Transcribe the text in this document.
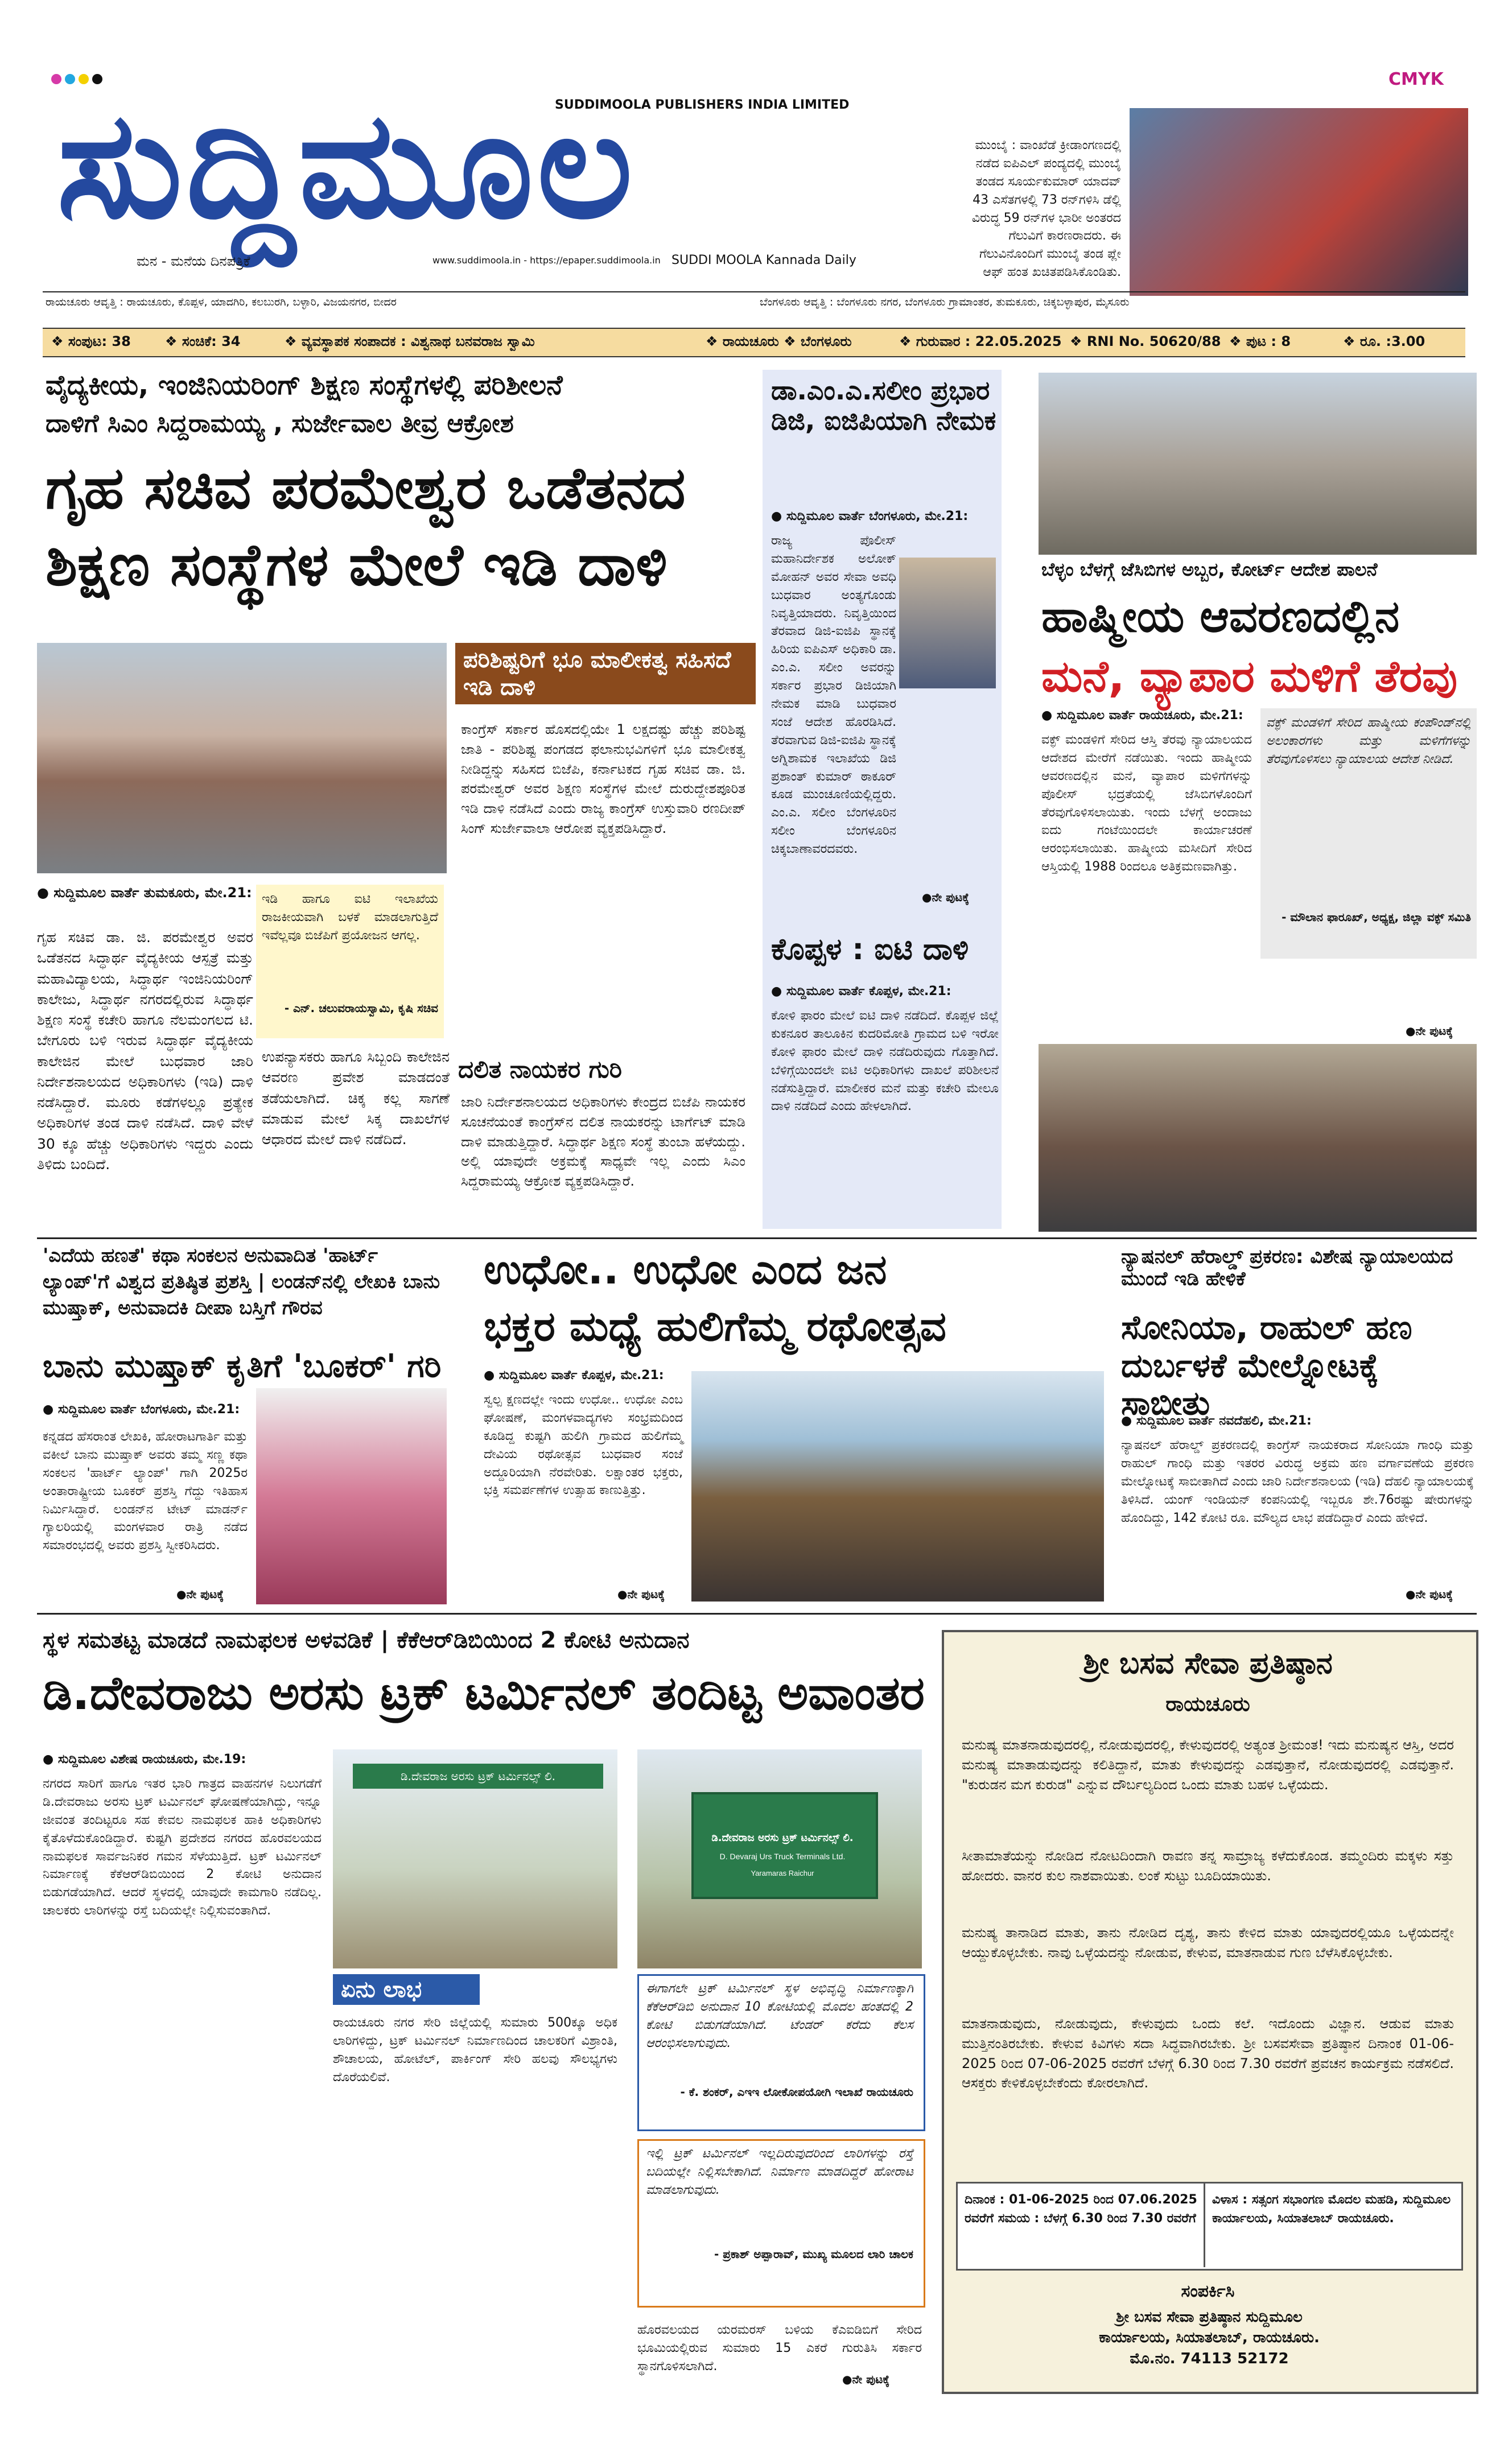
CMYK
ಸುದ್ದಿಮೂಲ
SUDDIMOOLA PUBLISHERS INDIA LIMITED
ಮನ - ಮನೆಯ ದಿನಪತ್ರಿಕೆ	www.suddimoola.in - https://epaper.suddimoola.in SUDDI MOOLA Kannada Daily
ಮುಂಬೈ : ವಾಂಖೆಡೆ ಕ್ರೀಡಾಂಗಣದಲ್ಲಿ ನಡೆದ ಐಪಿಎಲ್ ಪಂದ್ಯದಲ್ಲಿ ಮುಂಬೈ ತಂಡದ ಸೂರ್ಯಕುಮಾರ್ ಯಾದವ್ 43 ಎಸೆತಗಳಲ್ಲಿ 73 ರನ್‌ಗಳಿಸಿ ಡೆಲ್ಲಿ ವಿರುದ್ಧ 59 ರನ್‌ಗಳ ಭಾರೀ ಅಂತರದ ಗೆಲುವಿಗೆ ಕಾರಣರಾದರು. ಈ ಗೆಲುವಿನೊಂದಿಗೆ ಮುಂಬೈ ತಂಡ ಪ್ಲೇ ಆಫ್ ಹಂತ ಖಚಿತಪಡಿಸಿಕೊಂಡಿತು.
ರಾಯಚೂರು ಆವೃತ್ತಿ : ರಾಯಚೂರು, ಕೊಪ್ಪಳ, ಯಾದಗಿರಿ, ಕಲಬುರಗಿ, ಬಳ್ಳಾರಿ, ವಿಜಯನಗರ, ಬೀದರ	ಬೆಂಗಳೂರು ಆವೃತ್ತಿ : ಬೆಂಗಳೂರು ನಗರ, ಬೆಂಗಳೂರು ಗ್ರಾಮಾಂತರ, ತುಮಕೂರು, ಚಿಕ್ಕಬಳ್ಳಾಪುರ, ಮೈಸೂರು
❖ ಸಂಪುಟ: 38	❖ ಸಂಚಿಕೆ: 34	❖ ವ್ಯವಸ್ಥಾಪಕ ಸಂಪಾದಕ : ವಿಶ್ವನಾಥ ಬನವರಾಜ ಸ್ವಾಮಿ	❖ ರಾಯಚೂರು ❖ ಬೆಂಗಳೂರು	❖ ಗುರುವಾರ : 22.05.2025 ❖ RNI No. 50620/88 ❖ ಪುಟ : 8	❖ ರೂ. :3.00
ವೈದ್ಯಕೀಯ, ಇಂಜಿನಿಯರಿಂಗ್ ಶಿಕ್ಷಣ ಸಂಸ್ಥೆಗಳಲ್ಲಿ ಪರಿಶೀಲನೆ
ದಾಳಿಗೆ ಸಿಎಂ ಸಿದ್ದರಾಮಯ್ಯ , ಸುರ್ಜೇವಾಲ ತೀವ್ರ ಆಕ್ರೋಶ
ಗೃಹ ಸಚಿವ ಪರಮೇಶ್ವರ ಒಡೆತನದ
ಶಿಕ್ಷಣ ಸಂಸ್ಥೆಗಳ ಮೇಲೆ ಇಡಿ ದಾಳಿ
ಪರಿಶಿಷ್ಟರಿಗೆ ಭೂ ಮಾಲೀಕತ್ವ ಸಹಿಸದೆ ಇಡಿ ದಾಳಿ
ಕಾಂಗ್ರೆಸ್ ಸರ್ಕಾರ ಹೊಸದಲ್ಲಿಯೇ 1 ಲಕ್ಷದಷ್ಟು ಹೆಚ್ಚು ಪರಿಶಿಷ್ಟ ಜಾತಿ - ಪರಿಶಿಷ್ಟ ಪಂಗಡದ ಫಲಾನುಭವಿಗಳಿಗೆ ಭೂ ಮಾಲೀಕತ್ವ ನೀಡಿದ್ದನ್ನು ಸಹಿಸದ ಬಿಜೆಪಿ, ಕರ್ನಾಟಕದ ಗೃಹ ಸಚಿವ ಡಾ. ಜಿ. ಪರಮೇಶ್ವರ್ ಅವರ ಶಿಕ್ಷಣ ಸಂಸ್ಥೆಗಳ ಮೇಲೆ ದುರುದ್ದೇಶಪೂರಿತ ಇಡಿ ದಾಳಿ ನಡೆಸಿದೆ ಎಂದು ರಾಜ್ಯ ಕಾಂಗ್ರೆಸ್ ಉಸ್ತುವಾರಿ ರಣದೀಪ್ ಸಿಂಗ್ ಸುರ್ಜೇವಾಲಾ ಆರೋಪ ವ್ಯಕ್ತಪಡಿಸಿದ್ದಾರೆ.
● ಸುದ್ದಿಮೂಲ ವಾರ್ತೆ ತುಮಕೂರು, ಮೇ.21:
ಗೃಹ ಸಚಿವ ಡಾ. ಜಿ. ಪರಮೇಶ್ವರ ಅವರ ಒಡೆತನದ ಸಿದ್ಧಾರ್ಥ ವೈದ್ಯಕೀಯ ಆಸ್ಪತ್ರೆ ಮತ್ತು ಮಹಾವಿದ್ಯಾಲಯ, ಸಿದ್ಧಾರ್ಥ ಇಂಜಿನಿಯರಿಂಗ್ ಕಾಲೇಜು, ಸಿದ್ಧಾರ್ಥ ನಗರದಲ್ಲಿರುವ ಸಿದ್ಧಾರ್ಥ ಶಿಕ್ಷಣ ಸಂಸ್ಥೆ ಕಚೇರಿ ಹಾಗೂ ನೆಲಮಂಗಲದ ಟಿ. ಬೇಗೂರು ಬಳಿ ಇರುವ ಸಿದ್ಧಾರ್ಥ ವೈದ್ಯಕೀಯ ಕಾಲೇಜಿನ ಮೇಲೆ ಬುಧವಾರ ಜಾರಿ ನಿರ್ದೇಶನಾಲಯದ ಅಧಿಕಾರಿಗಳು (ಇಡಿ) ದಾಳಿ ನಡೆಸಿದ್ದಾರೆ. ಮೂರು ಕಡೆಗಳಲ್ಲೂ ಪ್ರತ್ಯೇಕ ಅಧಿಕಾರಿಗಳ ತಂಡ ದಾಳಿ ನಡೆಸಿದೆ. ದಾಳಿ ವೇಳೆ 30 ಕ್ಕೂ ಹೆಚ್ಚು ಅಧಿಕಾರಿಗಳು ಇದ್ದರು ಎಂದು ತಿಳಿದು ಬಂದಿದೆ.
ಇಡಿ ಹಾಗೂ ಐಟಿ ಇಲಾಖೆಯ ರಾಜಕೀಯವಾಗಿ ಬಳಕೆ ಮಾಡಲಾಗುತ್ತಿದೆ ಇವೆಲ್ಲವೂ ಬಿಜೆಪಿಗೆ ಪ್ರಯೋಜನ ಆಗಲ್ಲ.
- ಎನ್. ಚಲುವರಾಯಸ್ವಾಮಿ, ಕೃಷಿ ಸಚಿವ
ಉಪನ್ಯಾಸಕರು ಹಾಗೂ ಸಿಬ್ಬಂದಿ ಕಾಲೇಜಿನ ಆವರಣ ಪ್ರವೇಶ ಮಾಡದಂತೆ ತಡೆಯಲಾಗಿದೆ. ಚಿಕ್ಕ ಕಲ್ಲ ಸಾಗಣೆ ಮಾಡುವ ಮೇಲೆ ಸಿಕ್ಕ ದಾಖಲೆಗಳ ಆಧಾರದ ಮೇಲೆ ದಾಳಿ ನಡೆದಿದೆ.
ದಲಿತ ನಾಯಕರ ಗುರಿ
ಜಾರಿ ನಿರ್ದೇಶನಾಲಯದ ಅಧಿಕಾರಿಗಳು ಕೇಂದ್ರದ ಬಿಜೆಪಿ ನಾಯಕರ ಸೂಚನೆಯಂತೆ ಕಾಂಗ್ರೆಸ್‌ನ ದಲಿತ ನಾಯಕರನ್ನು ಟಾರ್ಗೆಟ್ ಮಾಡಿ ದಾಳಿ ಮಾಡುತ್ತಿದ್ದಾರೆ. ಸಿದ್ಧಾರ್ಥ ಶಿಕ್ಷಣ ಸಂಸ್ಥೆ ತುಂಬಾ ಹಳೆಯದ್ದು. ಅಲ್ಲಿ ಯಾವುದೇ ಅಕ್ರಮಕ್ಕೆ ಸಾಧ್ಯವೇ ಇಲ್ಲ ಎಂದು ಸಿಎಂ ಸಿದ್ದರಾಮಯ್ಯ ಆಕ್ರೋಶ ವ್ಯಕ್ತಪಡಿಸಿದ್ದಾರೆ.
ಡಾ.ಎಂ.ಎ.ಸಲೀಂ ಪ್ರಭಾರ ಡಿಜಿ, ಐಜಿಪಿಯಾಗಿ ನೇಮಕ
● ಸುದ್ದಿಮೂಲ ವಾರ್ತೆ ಬೆಂಗಳೂರು, ಮೇ.21:
ರಾಜ್ಯ ಪೊಲೀಸ್ ಮಹಾನಿರ್ದೇಶಕ ಅಲೋಕ್ ಮೋಹನ್ ಅವರ ಸೇವಾ ಅವಧಿ ಬುಧವಾರ ಅಂತ್ಯಗೊಂಡು ನಿವೃತ್ತಿಯಾದರು. ನಿವೃತ್ತಿಯಿಂದ ತೆರವಾದ ಡಿಜಿ-ಐಜಿಪಿ ಸ್ಥಾನಕ್ಕೆ ಹಿರಿಯ ಐಪಿಎಸ್ ಅಧಿಕಾರಿ ಡಾ. ಎಂ.ಎ. ಸಲೀಂ ಅವರನ್ನು ಸರ್ಕಾರ ಪ್ರಭಾರ ಡಿಜಿಯಾಗಿ ನೇಮಕ ಮಾಡಿ ಬುಧವಾರ ಸಂಜೆ ಆದೇಶ ಹೊರಡಿಸಿದೆ. ತೆರವಾಗುವ ಡಿಜಿ-ಐಜಿಪಿ ಸ್ಥಾನಕ್ಕೆ ಅಗ್ನಿಶಾಮಕ ಇಲಾಖೆಯ ಡಿಜಿ ಪ್ರಶಾಂತ್ ಕುಮಾರ್ ಠಾಕೂರ್ ಕೂಡ ಮುಂಚೂಣಿಯಲ್ಲಿದ್ದರು. ಎಂ.ಎ. ಸಲೀಂ ಬೆಂಗಳೂರಿನ ಸಲೀಂ ಬೆಂಗಳೂರಿನ ಚಿಕ್ಕಬಾಣಾವರದವರು.
●ನೇ ಪುಟಕ್ಕೆ
ಕೊಪ್ಪಳ : ಐಟಿ ದಾಳಿ
● ಸುದ್ದಿಮೂಲ ವಾರ್ತೆ ಕೊಪ್ಪಳ, ಮೇ.21:
ಕೋಳಿ ಫಾರಂ ಮೇಲೆ ಐಟಿ ದಾಳಿ ನಡೆದಿದೆ. ಕೊಪ್ಪಳ ಜಿಲ್ಲೆ ಕುಕನೂರ ತಾಲೂಕಿನ ಕುದರಿಮೋತಿ ಗ್ರಾಮದ ಬಳಿ ಇರೋ ಕೋಳಿ ಫಾರಂ ಮೇಲೆ ದಾಳಿ ನಡೆದಿರುವುದು ಗೊತ್ತಾಗಿದೆ. ಬೆಳಿಗ್ಗೆಯಿಂದಲೇ ಐಟಿ ಅಧಿಕಾರಿಗಳು ದಾಖಲೆ ಪರಿಶೀಲನೆ ನಡೆಸುತ್ತಿದ್ದಾರೆ. ಮಾಲೀಕರ ಮನೆ ಮತ್ತು ಕಚೇರಿ ಮೇಲೂ ದಾಳಿ ನಡೆದಿದೆ ಎಂದು ಹೇಳಲಾಗಿದೆ.
ಬೆಳ್ಳಂ ಬೆಳಗ್ಗೆ ಜೆಸಿಬಿಗಳ ಅಬ್ಬರ, ಕೋರ್ಟ್ ಆದೇಶ ಪಾಲನೆ
ಹಾಷ್ಮೀಯ ಆವರಣದಲ್ಲಿನ
ಮನೆ, ವ್ಯಾಪಾರ ಮಳಿಗೆ ತೆರವು
● ಸುದ್ದಿಮೂಲ ವಾರ್ತೆ ರಾಯಚೂರು, ಮೇ.21:
ವಕ್ಫ್ ಮಂಡಳಿಗೆ ಸೇರಿದ ಆಸ್ತಿ ತೆರವು ನ್ಯಾಯಾಲಯದ ಆದೇಶದ ಮೇರೆಗೆ ನಡೆಯಿತು. ಇಂದು ಹಾಷ್ಮೀಯ ಆವರಣದಲ್ಲಿನ ಮನೆ, ವ್ಯಾಪಾರ ಮಳಿಗೆಗಳನ್ನು ಪೊಲೀಸ್ ಭದ್ರತೆಯಲ್ಲಿ ಜೆಸಿಬಿಗಳೊಂದಿಗೆ ತೆರವುಗೊಳಿಸಲಾಯಿತು. ಇಂದು ಬೆಳಗ್ಗೆ ಅಂದಾಜು ಐದು ಗಂಟೆಯಿಂದಲೇ ಕಾರ್ಯಾಚರಣೆ ಆರಂಭಿಸಲಾಯಿತು. ಹಾಷ್ಮೀಯ ಮಸೀದಿಗೆ ಸೇರಿದ ಆಸ್ತಿಯಲ್ಲಿ 1988 ರಿಂದಲೂ ಅತಿಕ್ರಮಣವಾಗಿತ್ತು.
ವಕ್ಫ್ ಮಂಡಳಿಗೆ ಸೇರಿದ ಹಾಷ್ಮೀಯ ಕಂಪೌಂಡ್‌ನಲ್ಲಿ ಅಲಂಕಾರಗಳು ಮತ್ತು ಮಳಿಗೆಗಳನ್ನು ತೆರವುಗೊಳಿಸಲು ನ್ಯಾಯಾಲಯ ಆದೇಶ ನೀಡಿದೆ.
- ಮೌಲಾನ ಫಾರೂಖ್, ಅಧ್ಯಕ್ಷ, ಜಿಲ್ಲಾ ವಕ್ಫ್ ಸಮಿತಿ
●ನೇ ಪುಟಕ್ಕೆ
'ಎದೆಯ ಹಣತೆ' ಕಥಾ ಸಂಕಲನ ಅನುವಾದಿತ 'ಹಾರ್ಟ್ ಲ್ಯಾಂಪ್'ಗೆ ವಿಶ್ವದ ಪ್ರತಿಷ್ಠಿತ ಪ್ರಶಸ್ತಿ | ಲಂಡನ್‌ನಲ್ಲಿ ಲೇಖಕಿ ಬಾನು ಮುಷ್ತಾಕ್, ಅನುವಾದಕಿ ದೀಪಾ ಬಸ್ತಿಗೆ ಗೌರವ
ಬಾನು ಮುಷ್ತಾಕ್ ಕೃತಿಗೆ 'ಬೂಕರ್' ಗರಿ
● ಸುದ್ದಿಮೂಲ ವಾರ್ತೆ ಬೆಂಗಳೂರು, ಮೇ.21:
ಕನ್ನಡದ ಹೆಸರಾಂತ ಲೇಖಕಿ, ಹೋರಾಟಗಾರ್ತಿ ಮತ್ತು ವಕೀಲೆ ಬಾನು ಮುಷ್ತಾಕ್ ಅವರು ತಮ್ಮ ಸಣ್ಣ ಕಥಾ ಸಂಕಲನ 'ಹಾರ್ಟ್ ಲ್ಯಾಂಪ್' ಗಾಗಿ 2025ರ ಅಂತಾರಾಷ್ಟ್ರೀಯ ಬೂಕರ್ ಪ್ರಶಸ್ತಿ ಗೆದ್ದು ಇತಿಹಾಸ ನಿರ್ಮಿಸಿದ್ದಾರೆ. ಲಂಡನ್‌ನ ಟೇಟ್ ಮಾಡರ್ನ್ ಗ್ಯಾಲರಿಯಲ್ಲಿ ಮಂಗಳವಾರ ರಾತ್ರಿ ನಡೆದ ಸಮಾರಂಭದಲ್ಲಿ ಅವರು ಪ್ರಶಸ್ತಿ ಸ್ವೀಕರಿಸಿದರು.
●ನೇ ಪುಟಕ್ಕೆ
ಉಧೋ.. ಉಧೋ ಎಂದ ಜನ
ಭಕ್ತರ ಮಧ್ಯೆ ಹುಲಿಗೆಮ್ಮ ರಥೋತ್ಸವ
● ಸುದ್ದಿಮೂಲ ವಾರ್ತೆ ಕೊಪ್ಪಳ, ಮೇ.21:
ಸ್ವಲ್ಪ ಕ್ಷಣದಲ್ಲೇ ಇಂದು ಉಧೋ.. ಉಧೋ ಎಂಬ ಘೋಷಣೆ, ಮಂಗಳವಾದ್ಯಗಳು ಸಂಭ್ರಮದಿಂದ ಕೂಡಿದ್ದ ಕುಷ್ಟಗಿ ಹುಲಿಗಿ ಗ್ರಾಮದ ಹುಲಿಗೆಮ್ಮ ದೇವಿಯ ರಥೋತ್ಸವ ಬುಧವಾರ ಸಂಜೆ ಅದ್ದೂರಿಯಾಗಿ ನೆರವೇರಿತು. ಲಕ್ಷಾಂತರ ಭಕ್ತರು, ಭಕ್ತಿ ಸಮರ್ಪಣೆಗಳ ಉತ್ಸಾಹ ಕಾಣುತ್ತಿತ್ತು.
●ನೇ ಪುಟಕ್ಕೆ
ನ್ಯಾಷನಲ್ ಹೆರಾಲ್ಡ್ ಪ್ರಕರಣ: ವಿಶೇಷ ನ್ಯಾಯಾಲಯದ ಮುಂದೆ ಇಡಿ ಹೇಳಿಕೆ
ಸೋನಿಯಾ, ರಾಹುಲ್ ಹಣ ದುರ್ಬಳಕೆ ಮೇಲ್ನೋಟಕ್ಕೆ ಸಾಬೀತು
● ಸುದ್ದಿಮೂಲ ವಾರ್ತೆ ನವದೆಹಲಿ, ಮೇ.21:
ನ್ಯಾಷನಲ್ ಹೆರಾಲ್ಡ್ ಪ್ರಕರಣದಲ್ಲಿ ಕಾಂಗ್ರೆಸ್ ನಾಯಕರಾದ ಸೋನಿಯಾ ಗಾಂಧಿ ಮತ್ತು ರಾಹುಲ್ ಗಾಂಧಿ ಮತ್ತು ಇತರರ ವಿರುದ್ಧ ಅಕ್ರಮ ಹಣ ವರ್ಗಾವಣೆಯ ಪ್ರಕರಣ ಮೇಲ್ನೋಟಕ್ಕೆ ಸಾಬೀತಾಗಿದೆ ಎಂದು ಜಾರಿ ನಿರ್ದೇಶನಾಲಯ (ಇಡಿ) ದೆಹಲಿ ನ್ಯಾಯಾಲಯಕ್ಕೆ ತಿಳಿಸಿದೆ. ಯಂಗ್ ಇಂಡಿಯನ್ ಕಂಪನಿಯಲ್ಲಿ ಇಬ್ಬರೂ ಶೇ.76ರಷ್ಟು ಷೇರುಗಳನ್ನು ಹೊಂದಿದ್ದು, 142 ಕೋಟಿ ರೂ. ಮೌಲ್ಯದ ಲಾಭ ಪಡೆದಿದ್ದಾರೆ ಎಂದು ಹೇಳಿದೆ.
●ನೇ ಪುಟಕ್ಕೆ
ಸ್ಥಳ ಸಮತಟ್ಟ ಮಾಡದೆ ನಾಮಫಲಕ ಅಳವಡಿಕೆ | ಕೆಕೆಆರ್‌ಡಿಬಿಯಿಂದ 2 ಕೋಟಿ ಅನುದಾನ
ಡಿ.ದೇವರಾಜು ಅರಸು ಟ್ರಕ್ ಟರ್ಮಿನಲ್ ತಂದಿಟ್ಟ ಅವಾಂತರ
● ಸುದ್ದಿಮೂಲ ವಿಶೇಷ ರಾಯಚೂರು, ಮೇ.19:
ನಗರದ ಸಾರಿಗೆ ಹಾಗೂ ಇತರ ಭಾರಿ ಗಾತ್ರದ ವಾಹನಗಳ ನಿಲುಗಡೆಗೆ ಡಿ.ದೇವರಾಜು ಅರಸು ಟ್ರಕ್ ಟರ್ಮಿನಲ್ ಘೋಷಣೆಯಾಗಿದ್ದು, ಇನ್ನೂ ಜೀವಂತ ತಂದಿಟ್ಟರೂ ಸಹ ಕೇವಲ ನಾಮಫಲಕ ಹಾಕಿ ಅಧಿಕಾರಿಗಳು ಕೈತೊಳೆದುಕೊಂಡಿದ್ದಾರೆ. ಕುಷ್ಟಗಿ ಪ್ರದೇಶದ ನಗರದ ಹೊರವಲಯದ ನಾಮಫಲಕ ಸಾರ್ವಜನಿಕರ ಗಮನ ಸೆಳೆಯುತ್ತಿದೆ. ಟ್ರಕ್ ಟರ್ಮಿನಲ್ ನಿರ್ಮಾಣಕ್ಕೆ ಕೆಕೆಆರ್‌ಡಿಬಿಯಿಂದ 2 ಕೋಟಿ ಅನುದಾನ ಬಿಡುಗಡೆಯಾಗಿದೆ. ಆದರೆ ಸ್ಥಳದಲ್ಲಿ ಯಾವುದೇ ಕಾಮಗಾರಿ ನಡೆದಿಲ್ಲ. ಚಾಲಕರು ಲಾರಿಗಳನ್ನು ರಸ್ತೆ ಬದಿಯಲ್ಲೇ ನಿಲ್ಲಿಸುವಂತಾಗಿದೆ.
ಡಿ.ದೇವರಾಜ ಅರಸು ಟ್ರಕ್ ಟರ್ಮಿನಲ್ಸ್ ಲಿ.
ಡಿ.ದೇವರಾಜ ಅರಸು ಟ್ರಕ್ ಟರ್ಮಿನಲ್ಸ್ ಲಿ.
D. Devaraj Urs Truck Terminals Ltd.
Yaramaras Raichur
ಏನು ಲಾಭ
ರಾಯಚೂರು ನಗರ ಸೇರಿ ಜಿಲ್ಲೆಯಲ್ಲಿ ಸುಮಾರು 500ಕ್ಕೂ ಅಧಿಕ ಲಾರಿಗಳಿದ್ದು, ಟ್ರಕ್ ಟರ್ಮಿನಲ್ ನಿರ್ಮಾಣದಿಂದ ಚಾಲಕರಿಗೆ ವಿಶ್ರಾಂತಿ, ಶೌಚಾಲಯ, ಹೋಟೆಲ್, ಪಾರ್ಕಿಂಗ್ ಸೇರಿ ಹಲವು ಸೌಲಭ್ಯಗಳು ದೊರೆಯಲಿವೆ.
ಈಗಾಗಲೇ ಟ್ರಕ್ ಟರ್ಮಿನಲ್ ಸ್ಥಳ ಅಭಿವೃದ್ಧಿ ನಿರ್ಮಾಣಕ್ಕಾಗಿ ಕೆಕೆಆರ್‌ಡಿಬಿ ಅನುದಾನ 10 ಕೋಟಿಯಲ್ಲಿ ಮೊದಲ ಹಂತದಲ್ಲಿ 2 ಕೋಟಿ ಬಿಡುಗಡೆಯಾಗಿದೆ. ಟೆಂಡರ್ ಕರೆದು ಕೆಲಸ ಆರಂಭಿಸಲಾಗುವುದು.
- ಕೆ. ಶಂಕರ್, ಎಇಇ ಲೋಕೋಪಯೋಗಿ ಇಲಾಖೆ ರಾಯಚೂರು
ಇಲ್ಲಿ ಟ್ರಕ್ ಟರ್ಮಿನಲ್ ಇಲ್ಲದಿರುವುದರಿಂದ ಲಾರಿಗಳನ್ನು ರಸ್ತೆ ಬದಿಯಲ್ಲೇ ನಿಲ್ಲಿಸಬೇಕಾಗಿದೆ. ನಿರ್ಮಾಣ ಮಾಡದಿದ್ದರೆ ಹೋರಾಟ ಮಾಡಲಾಗುವುದು.
- ಪ್ರಕಾಶ್ ಅಪ್ಪಾರಾವ್, ಮುಖ್ಯ ಮೂಲದ ಲಾರಿ ಚಾಲಕ
ಹೊರವಲಯದ ಯರಮರಸ್ ಬಳಿಯ ಕೆಎಐಡಿಬಿಗೆ ಸೇರಿದ ಭೂಮಿಯಲ್ಲಿರುವ ಸುಮಾರು 15 ಎಕರೆ ಗುರುತಿಸಿ ಸರ್ಕಾರ ಸ್ಥಾನಗೊಳಿಸಲಾಗಿದೆ.
●ನೇ ಪುಟಕ್ಕೆ
ಶ್ರೀ ಬಸವ ಸೇವಾ ಪ್ರತಿಷ್ಠಾನ
ರಾಯಚೂರು
ಮನುಷ್ಯ ಮಾತನಾಡುವುದರಲ್ಲಿ, ನೋಡುವುದರಲ್ಲಿ, ಕೇಳುವುದರಲ್ಲಿ ಅತ್ಯಂತ ಶ್ರೀಮಂತ! ಇದು ಮನುಷ್ಯನ ಆಸ್ತಿ, ಅದರ ಮನುಷ್ಯ ಮಾತಾಡುವುದನ್ನು ಕಲಿತಿದ್ದಾನೆ, ಮಾತು ಕೇಳುವುದನ್ನು ಎಡವುತ್ತಾನೆ, ನೋಡುವುದರಲ್ಲಿ ಎಡವುತ್ತಾನೆ. "ಕುರುಡನ ಮಗ ಕುರುಡ" ಎನ್ನುವ ದೌರ್ಬಲ್ಯದಿಂದ ಒಂದು ಮಾತು ಬಹಳ ಒಳ್ಳೆಯದು.
ಸೀತಾಮಾತೆಯನ್ನು ನೋಡಿದ ನೋಟದಿಂದಾಗಿ ರಾವಣ ತನ್ನ ಸಾಮ್ರಾಜ್ಯ ಕಳೆದುಕೊಂಡ. ತಮ್ಮಂದಿರು ಮಕ್ಕಳು ಸತ್ತು ಹೋದರು. ವಾನರ ಕುಲ ನಾಶವಾಯಿತು. ಲಂಕೆ ಸುಟ್ಟು ಬೂದಿಯಾಯಿತು.
ಮನುಷ್ಯ ತಾನಾಡಿದ ಮಾತು, ತಾನು ನೋಡಿದ ದೃಶ್ಯ, ತಾನು ಕೇಳಿದ ಮಾತು ಯಾವುದರಲ್ಲಿಯೂ ಒಳ್ಳೆಯದನ್ನೇ ಆಯ್ದುಕೊಳ್ಳಬೇಕು. ನಾವು ಒಳ್ಳೆಯದನ್ನು ನೋಡುವ, ಕೇಳುವ, ಮಾತನಾಡುವ ಗುಣ ಬೆಳೆಸಿಕೊಳ್ಳಬೇಕು.
ಮಾತನಾಡುವುದು, ನೋಡುವುದು, ಕೇಳುವುದು ಒಂದು ಕಲೆ. ಇದೊಂದು ವಿಜ್ಞಾನ. ಆಡುವ ಮಾತು ಮುತ್ತಿನಂತಿರಬೇಕು. ಕೇಳುವ ಕಿವಿಗಳು ಸದಾ ಸಿದ್ಧವಾಗಿರಬೇಕು. ಶ್ರೀ ಬಸವಸೇವಾ ಪ್ರತಿಷ್ಠಾನ ದಿನಾಂಕ 01-06-2025 ರಿಂದ 07-06-2025 ರವರೆಗೆ ಬೆಳಗ್ಗೆ 6.30 ರಿಂದ 7.30 ರವರೆಗೆ ಪ್ರವಚನ ಕಾರ್ಯಕ್ರಮ ನಡೆಸಲಿದೆ. ಆಸಕ್ತರು ಕೇಳಿಕೊಳ್ಳಬೇಕೆಂದು ಕೋರಲಾಗಿದೆ.
ದಿನಾಂಕ : 01-06-2025 ರಿಂದ 07.06.2025 ರವರೆಗೆ ಸಮಯ : ಬೆಳಗ್ಗೆ 6.30 ರಿಂದ 7.30 ರವರೆಗೆ
ವಿಳಾಸ : ಸತ್ಸಂಗ ಸಭಾಂಗಣ ಮೊದಲ ಮಹಡಿ, ಸುದ್ದಿಮೂಲ ಕಾರ್ಯಾಲಯ, ಸಿಯಾತಲಾಬ್ ರಾಯಚೂರು.
ಸಂಪರ್ಕಿಸಿ
ಶ್ರೀ ಬಸವ ಸೇವಾ ಪ್ರತಿಷ್ಠಾನ ಸುದ್ದಿಮೂಲ ಕಾರ್ಯಾಲಯ, ಸಿಯಾತಲಾಬ್, ರಾಯಚೂರು. ಮೊ.ನಂ. 74113 52172
